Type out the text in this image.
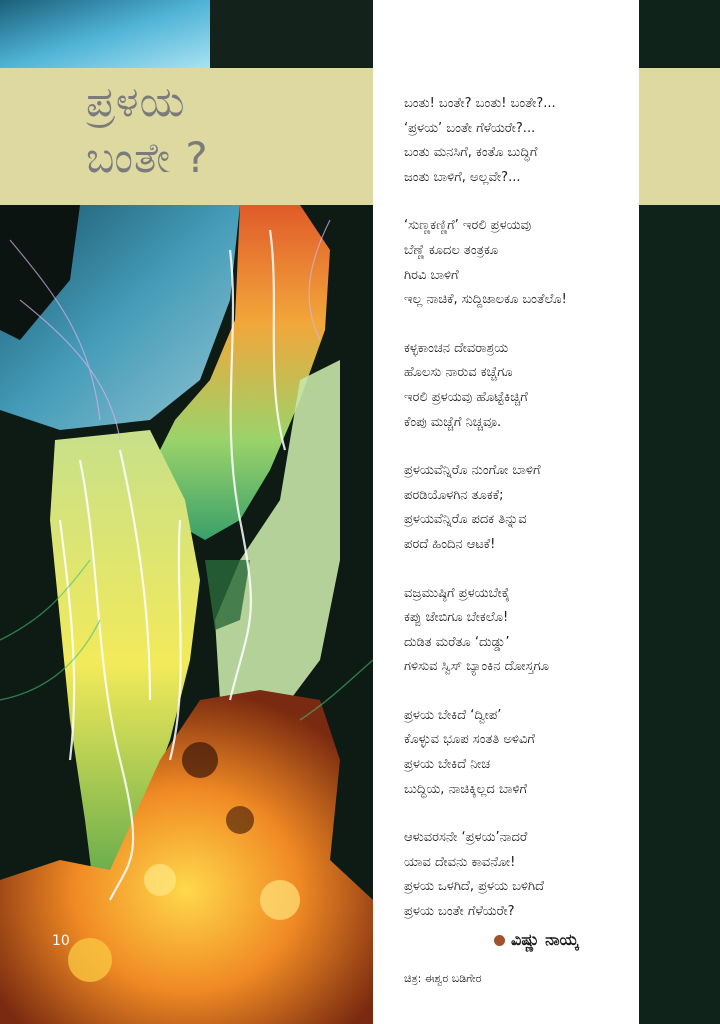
ಪ್ರಳಯ
ಬಂತೇ ?
10
ಬಂತು! ಬಂತೇ? ಬಂತು! ಬಂತೇ?...
‘ಪ್ರಳಯ’ ಬಂತೇ ಗೆಳೆಯರೇ?...
ಬಂತು ಮನಸಿಗೆ, ಕಂತೊ ಬುದ್ಧಿಗೆ
ಜಂತು ಬಾಳಿಗೆ, ಅಲ್ಲವೇ?...
‘ಸುಣ್ಣಕಣ್ಣಿಗೆ’ ಇರಲಿ ಪ್ರಳಯವು
ಬೆಣ್ಣೆ ಕೂದಲ ತಂತ್ರಕೂ
ಗಿರವಿ ಬಾಳಿಗೆ
ಇಲ್ಲ ನಾಚಿಕೆ, ಸುದ್ದಿಜಾಲಕೂ ಬಂತೆಲೊ!
ಕಳ್ಳಕಾಂಚನ ದೇವರಾಶ್ರಯ
ಹೊಲಸು ನಾರುವ ಕಚ್ಚೆಗೂ
ಇರಲಿ ಪ್ರಳಯವು ಹೊಟ್ಟೆಕಿಚ್ಚಿಗೆ
ಕೆಂಪು ಮಚ್ಚೆಗೆ ನಿಚ್ಚವೂ.
ಪ್ರಳಯವೆನ್ನಿರೊ ನುಂಗೋ ಬಾಳಿಗೆ
ಪರಡಿಯೊಳಗಿನ ತೂಕಕೆ;
ಪ್ರಳಯವೆನ್ನಿರೊ ಪದಕ ತಿನ್ನುವ
ಪರದೆ ಹಿಂದಿನ ಆಟಕೆ!
ವಜ್ರಮುಷ್ಠಿಗೆ ಪ್ರಳಯಬೇಕೈ
ಕಪ್ಪು ಜೇಬಿಗೂ ಬೇಕಲೊ!
ದುಡಿತ ಮರೆತೂ ‘ದುಡ್ಡು’
ಗಳಿಸುವ ಸ್ವಿಸ್ ಬ್ಯಾಂಕಿನ ದೋಸ್ತಗೂ
ಪ್ರಳಯ ಬೇಕಿದೆ ‘ದ್ವೀಪ’
ಕೊಳ್ಳುವ ಭೂಪ ಸಂತತಿ ಅಳಿವಿಗೆ
ಪ್ರಳಯ ಬೇಕಿದೆ ನೀಚ
ಬುದ್ಧಿಯ, ನಾಚಿಕ್ಕಿಲ್ಲದ ಬಾಳಿಗೆ
ಆಳುವರಸನೇ ‘ಪ್ರಳಯ’ನಾದರೆ
ಯಾವ ದೇವನು ಕಾವನೋ!
ಪ್ರಳಯ ಒಳಗಿದೆ, ಪ್ರಳಯ ಬಳಿಗಿದೆ
ಪ್ರಳಯ ಬಂತೇ ಗೆಳೆಯರೇ?
ವಿಷ್ಣು ನಾಯ್ಕ
ಚಿತ್ರ: ಈಶ್ವರ ಬಡಿಗೇರ
